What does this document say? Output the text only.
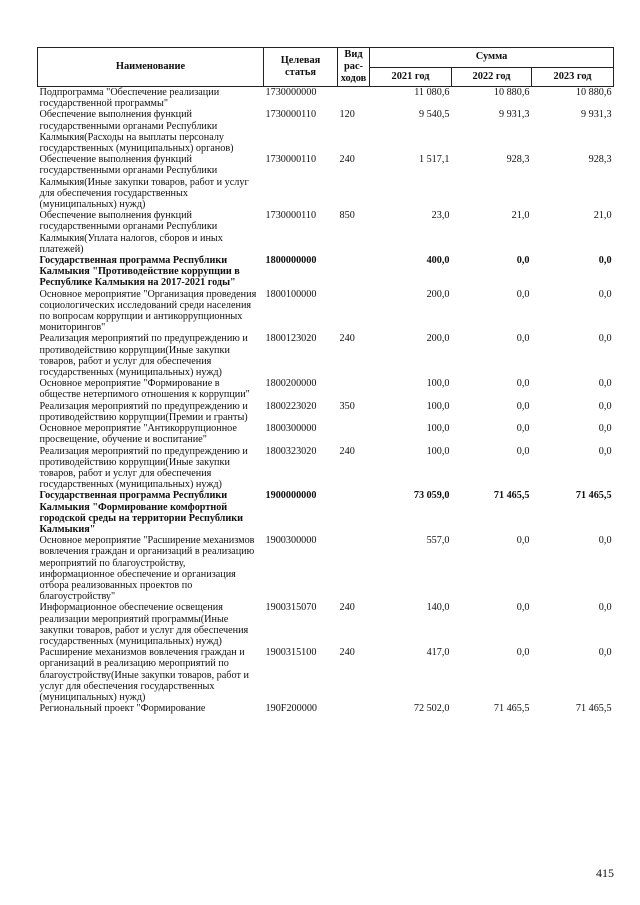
Наименование	Целевая статья	Вид рас-ходов	Сумма		
			2021 год	2022 год	2023 год
Подпрограмма "Обеспечение реализации государственной программы"	1730000000		11 080,6	10 880,6	10 880,6
Обеспечение выполнения функций государственными органами Республики Калмыкия(Расходы на выплаты персоналу государственных (муниципальных) органов)	1730000110	120	9 540,5	9 931,3	9 931,3
Обеспечение выполнения функций государственными органами Республики Калмыкия(Иные закупки товаров, работ и услуг для обеспечения государственных (муниципальных) нужд)	1730000110	240	1 517,1	928,3	928,3
Обеспечение выполнения функций государственными органами Республики Калмыкия(Уплата налогов, сборов и иных платежей)	1730000110	850	23,0	21,0	21,0
Государственная программа Республики Калмыкия "Противодействие коррупции в Республике Калмыкия на 2017-2021 годы"	1800000000		400,0	0,0	0,0
Основное мероприятие "Организация проведения социологических исследований среди населения по вопросам коррупции и антикоррупционных мониторингов"	1800100000		200,0	0,0	0,0
Реализация мероприятий по предупреждению и противодействию коррупции(Иные закупки товаров, работ и услуг для обеспечения государственных (муниципальных) нужд)	1800123020	240	200,0	0,0	0,0
Основное мероприятие "Формирование в обществе нетерпимого отношения к коррупции"	1800200000		100,0	0,0	0,0
Реализация мероприятий по предупреждению и противодействию коррупции(Премии и гранты)	1800223020	350	100,0	0,0	0,0
Основное мероприятие "Антикоррупционное просвещение, обучение и воспитание"	1800300000		100,0	0,0	0,0
Реализация мероприятий по предупреждению и противодействию коррупции(Иные закупки товаров, работ и услуг для обеспечения государственных (муниципальных) нужд)	1800323020	240	100,0	0,0	0,0
Государственная программа Республики Калмыкия "Формирование комфортной городской среды на территории Республики Калмыкия"	1900000000		73 059,0	71 465,5	71 465,5
Основное мероприятие "Расширение механизмов вовлечения граждан и организаций в реализацию мероприятий по благоустройству, информационное обеспечение и организация отбора реализованных проектов по благоустройству"	1900300000		557,0	0,0	0,0
Информационное обеспечение освещения реализации мероприятий программы(Иные закупки товаров, работ и услуг для обеспечения государственных (муниципальных) нужд)	1900315070	240	140,0	0,0	0,0
Расширение механизмов вовлечения граждан и организаций в реализацию мероприятий по благоустройству(Иные закупки товаров, работ и услуг для обеспечения государственных (муниципальных) нужд)	1900315100	240	417,0	0,0	0,0
Региональный проект "Формирование	190F200000		72 502,0	71 465,5	71 465,5
415
